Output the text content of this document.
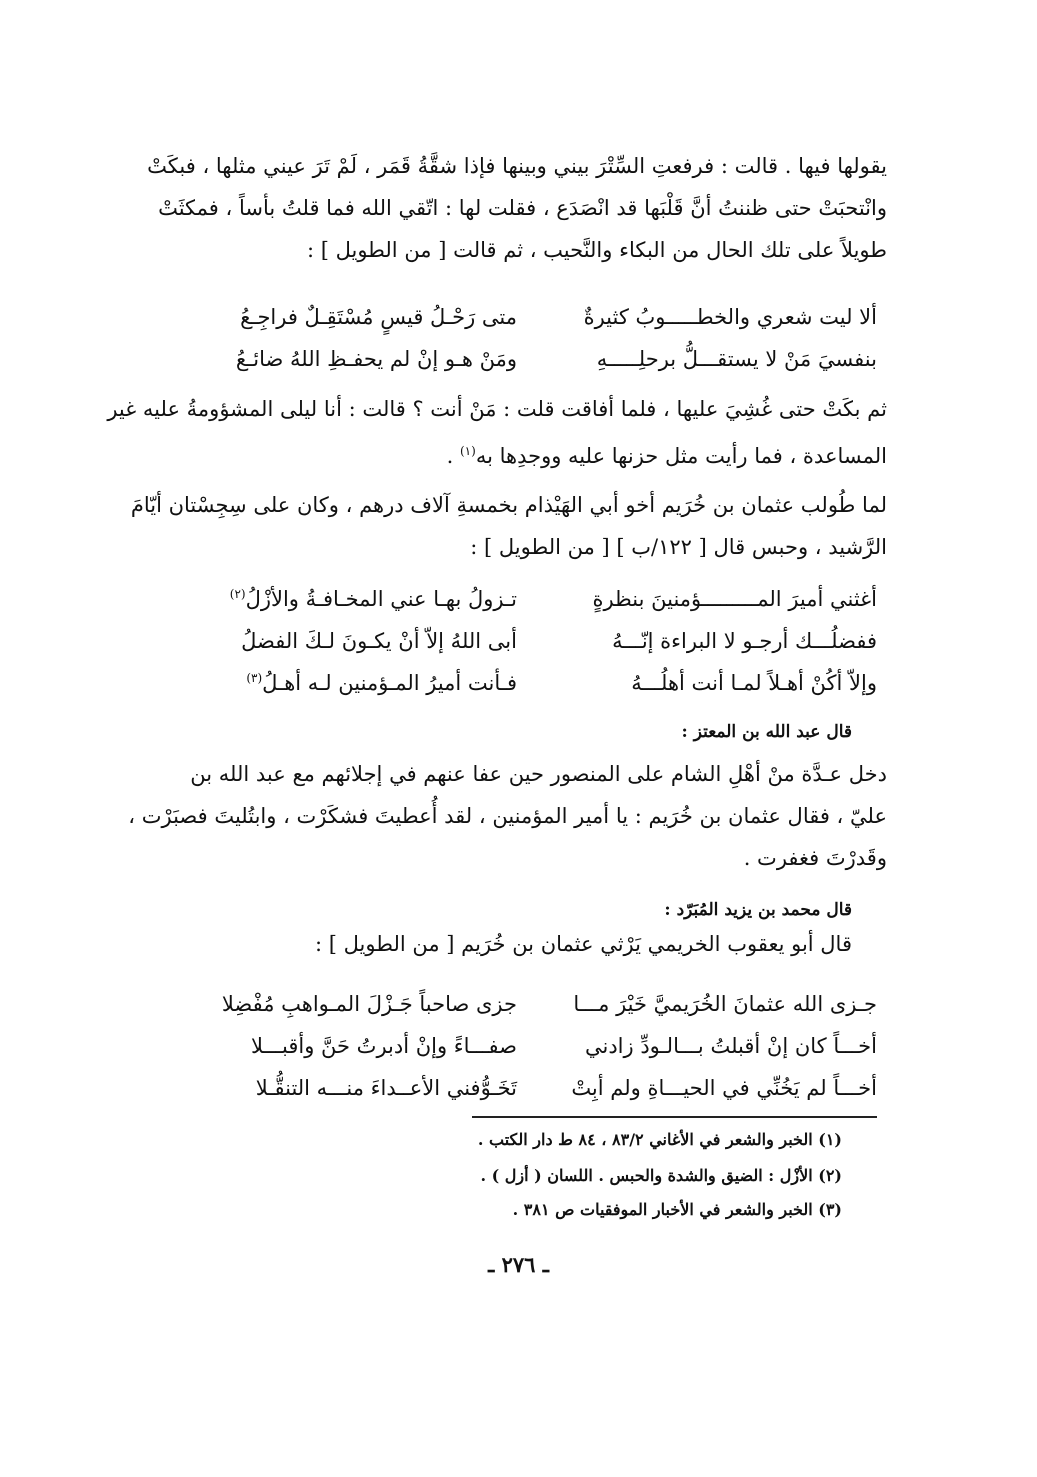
يقولها فيها . قالت : فرفعتِ السِّتْرَ بيني وبينها فإذا شقَّةُ قَمَر ، لَمْ تَرَ عيني مثلها ، فبكَتْ

وانْتحبَتْ حتى ظننتُ أنَّ قَلْبَها قد انْصَدَع ، فقلت لها : اتّقي الله فما قلتُ بأساً ، فمكثَتْ

طويلاً على تلك الحال من البكاء والنَّحيب ، ثم قالت [ من الطويل ] :

ألا ليت شعري والخطـــــوبُ كثيرةٌ
متى رَحْـلُ قيسٍ مُسْتَقِـلٌ فراجِـعُ
بنفسيَ مَنْ لا يستقـــلُّ برحلِـــــهِ
ومَنْ هـو إنْ لم يحفـظِ اللهُ ضائـعُ

ثم بكَتْ حتى غُشِيَ عليها ، فلما أفاقت قلت : مَنْ أنت ؟ قالت : أنا ليلى المشؤومةُ عليه غير

المساعدة ، فما رأيت مثل حزنها عليه ووجدِها به$^{(١)}$ .

لما طُولب عثمان بن خُرَيم أخو أبي الهَيْذام بخمسةِ آلاف درهم ، وكان على سِجِسْتان أيّامَ

الرَّشيد ، وحبس قال [ ١٢٢/ب ] [ من الطويل ] :

أغثني أميرَ المـــــــــؤمنينَ بنظرةٍ
تـزولُ بهـا عني المخـافـةُ والأزْلُ$^{(٢)}$
ففضلُـــك أرجـو لا البراءة إنّـــهُ
أبى اللهُ إلاّ أنْ يكـونَ لـكَ الفضلُ
وإلاّ أكُنْ أهـلاً لمـا أنت أهلُـــهُ
فـأنت أميرُ المـؤمنين لـه أهـلُ$^{(٣)}$
قال عبد الله بن المعتز :

دخل عـدَّة منْ أهْلِ الشام على المنصور حين عفا عنهم في إجلائهم مع عبد الله بن

عليّ ، فقال عثمان بن خُرَيم : يا أمير المؤمنين ، لقد أُعطيتَ فشكَرْت ، وابتُليتَ فصبَرْت ،

وقَدرْتَ فغفرت .

قال محمد بن يزيد المُبَرّد :
قال أبو يعقوب الخريمي يَرْثي عثمان بن خُرَيم [ من الطويل ] :
جـزى الله عثمانَ الخُرَيميَّ خَيْرَ مـــا
جزى صاحباً جَـزْلَ المـواهبِ مُفْضِلا
أخـــاً كان إنْ أقبلتُ بـــالـودِّ زادني
صفـــاءً وإنْ أدبرتُ حَنَّ وأقبـــلا
أخـــاً لم يَخُنِّي في الحيـــاةِ ولم أبِتْ
تَخَـوُّفني الأعــداءَ منـــه التنقُّـلا
(١) الخبر والشعر في الأغاني ٨٣/٢ ، ٨٤ ط دار الكتب .
(٢) الأزْل : الضيق والشدة والحبس . اللسان ( أزل ) .
(٣) الخبر والشعر في الأخبار الموفقيات ص ٣٨١ .
ـ ٢٧٦ ـ
